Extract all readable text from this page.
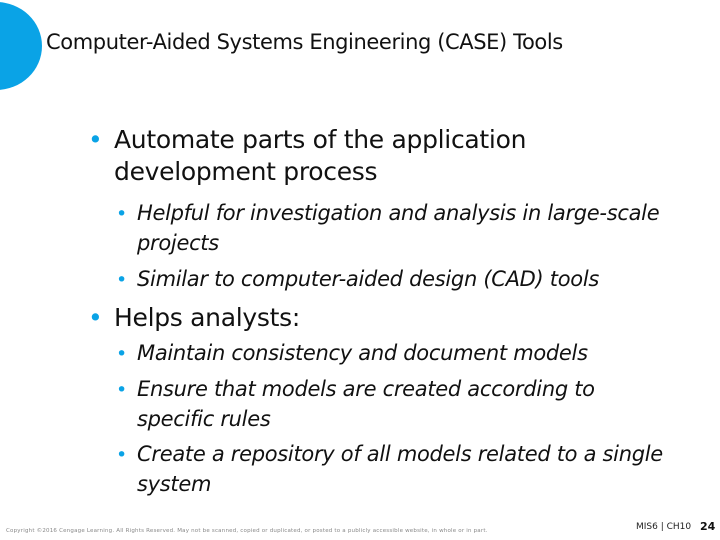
Computer-Aided Systems Engineering (CASE) Tools
• Automate parts of the application development process
• Helpful for investigation and analysis in large-scale projects
• Similar to computer-aided design (CAD) tools
• Helps analysts:
• Maintain consistency and document models
• Ensure that models are created according to specific rules
• Create a repository of all models related to a single system
Copyright ©2016 Cengage Learning. All Rights Reserved. May not be scanned, copied or duplicated, or posted to a publicly accessible website, in whole or in part.	MIS6 | CH10 24
